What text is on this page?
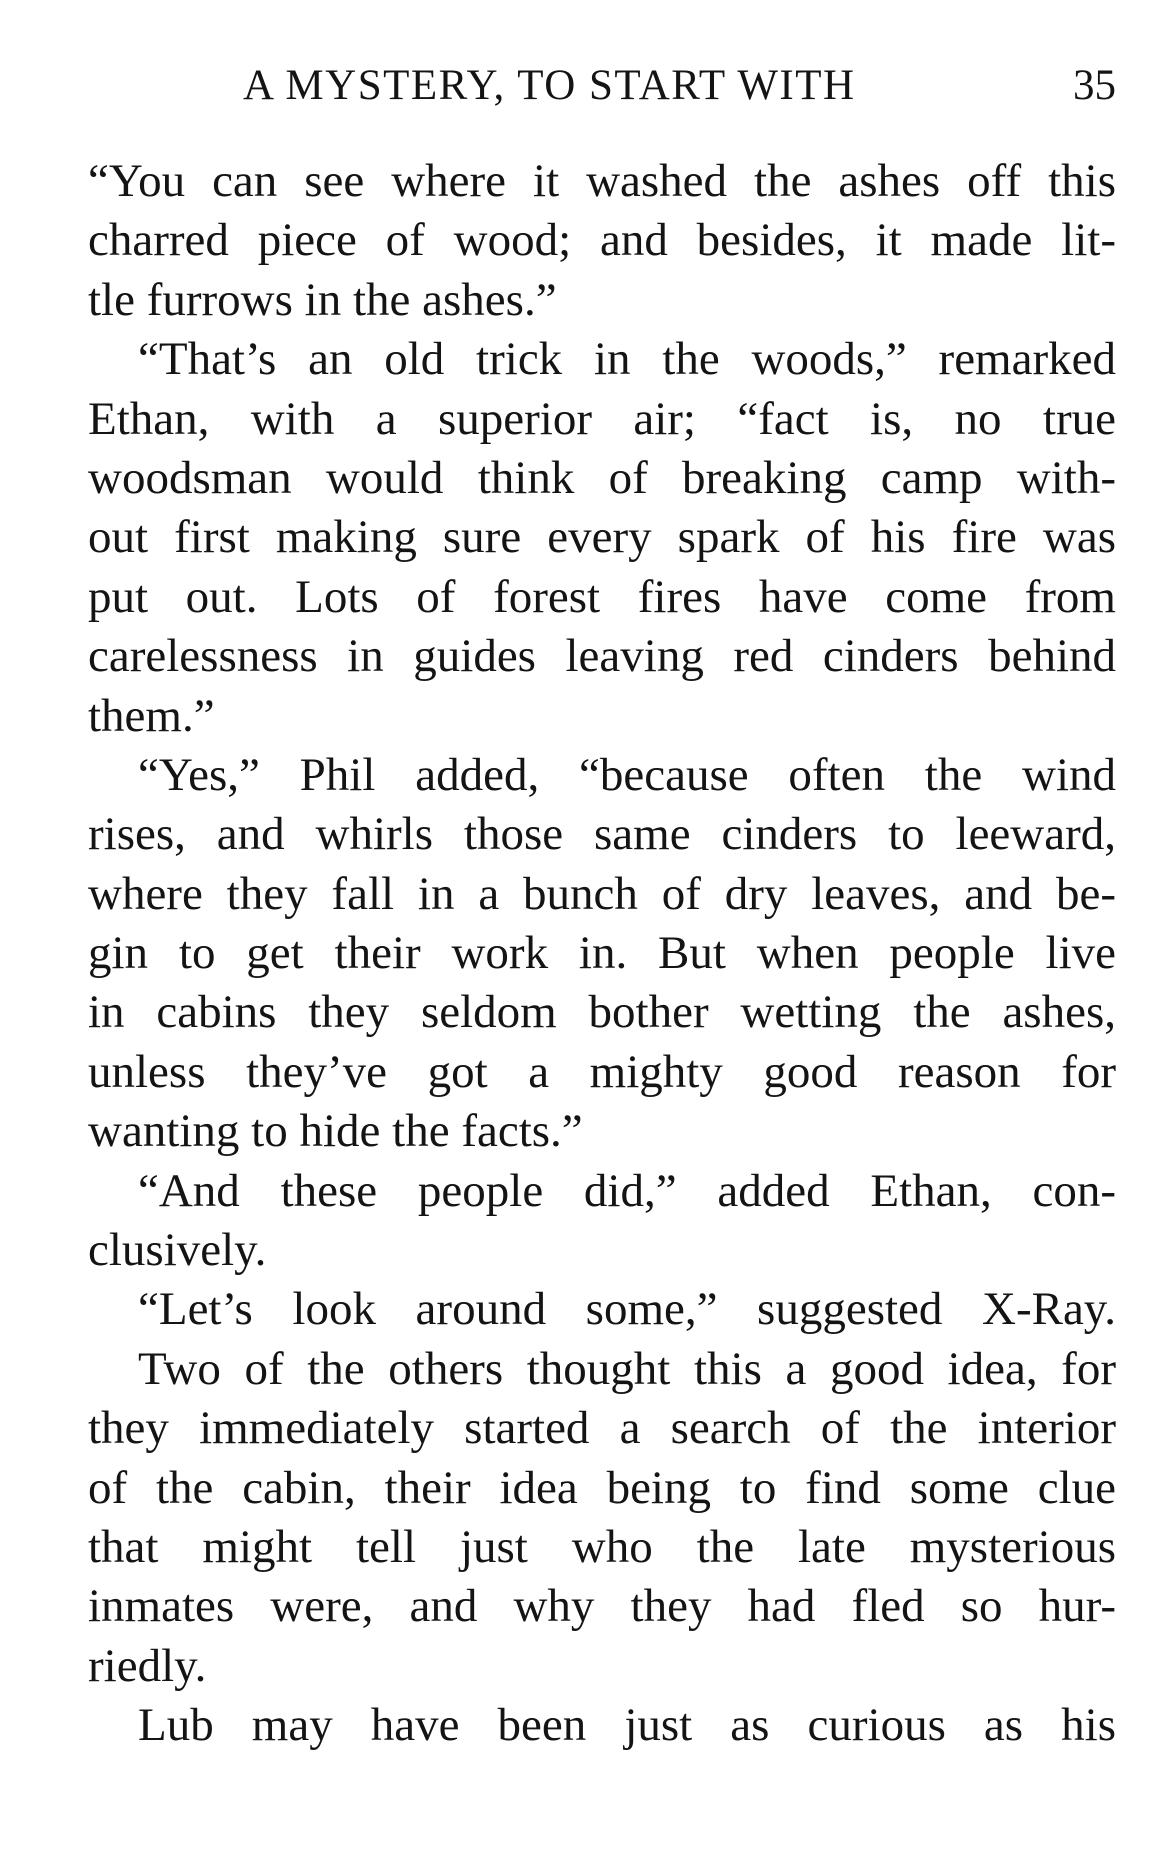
A MYSTERY, TO START WITH	35
“You can see where it washed the ashes off this
charred piece of wood; and besides, it made lit-
tle furrows in the ashes.”
“That’s an old trick in the woods,” remarked
Ethan, with a superior air; “fact is, no true
woodsman would think of breaking camp with-
out first making sure every spark of his fire was
put out. Lots of forest fires have come from
carelessness in guides leaving red cinders behind
them.”
“Yes,” Phil added, “because often the wind
rises, and whirls those same cinders to leeward,
where they fall in a bunch of dry leaves, and be-
gin to get their work in. But when people live
in cabins they seldom bother wetting the ashes,
unless they’ve got a mighty good reason for
wanting to hide the facts.”
“And these people did,” added Ethan, con-
clusively.
“Let’s look around some,” suggested X-Ray.
Two of the others thought this a good idea, for
they immediately started a search of the interior
of the cabin, their idea being to find some clue
that might tell just who the late mysterious
inmates were, and why they had fled so hur-
riedly.
Lub may have been just as curious as his
